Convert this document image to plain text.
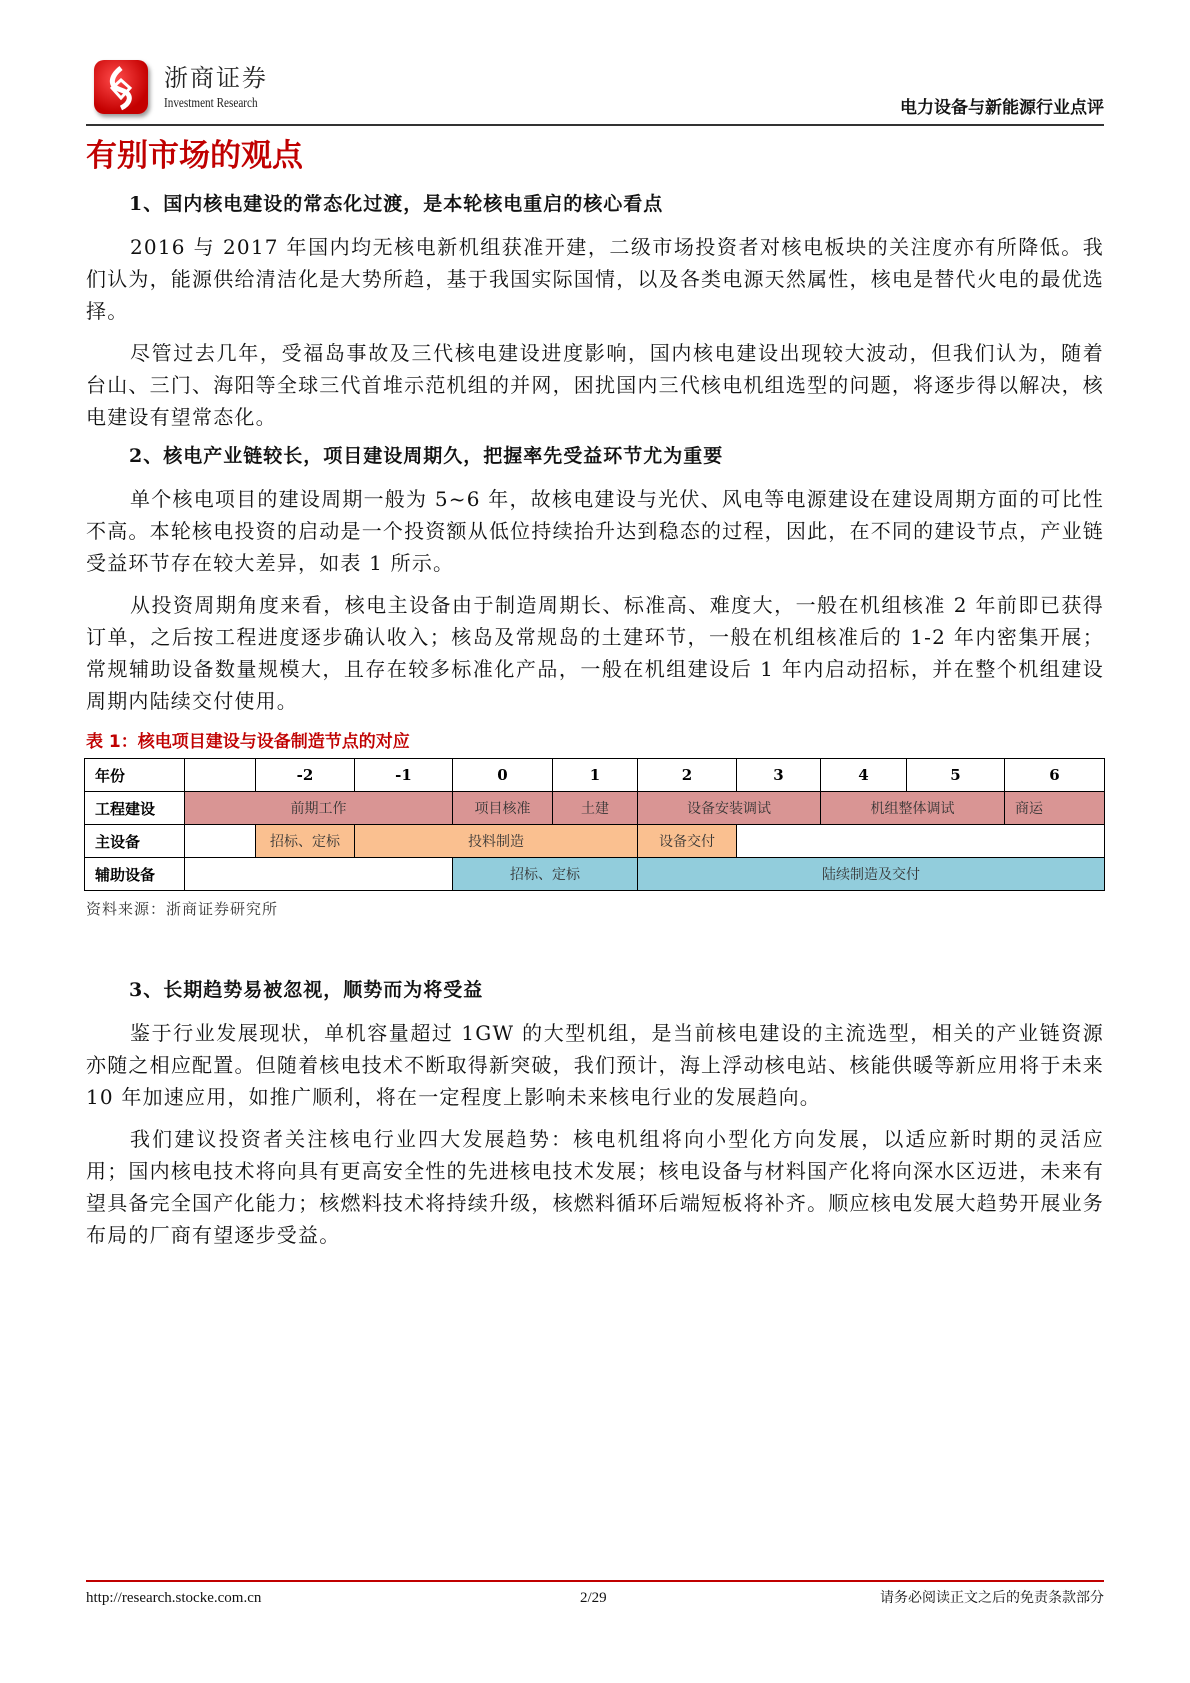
浙商证券
Investment Research	电力设备与新能源行业点评
有别市场的观点
1、国内核电建设的常态化过渡，是本轮核电重启的核心看点

2016 与 2017 年国内均无核电新机组获准开建，二级市场投资者对核电板块的关注度亦有所降低。我们认为，能源供给清洁化是大势所趋，基于我国实际国情，以及各类电源天然属性，核电是替代火电的最优选择。

尽管过去几年，受福岛事故及三代核电建设进度影响，国内核电建设出现较大波动，但我们认为，随着台山、三门、海阳等全球三代首堆示范机组的并网，困扰国内三代核电机组选型的问题，将逐步得以解决，核电建设有望常态化。

2、核电产业链较长，项目建设周期久，把握率先受益环节尤为重要

单个核电项目的建设周期一般为 5~6 年，故核电建设与光伏、风电等电源建设在建设周期方面的可比性不高。本轮核电投资的启动是一个投资额从低位持续抬升达到稳态的过程，因此，在不同的建设节点，产业链受益环节存在较大差异，如表 1 所示。

从投资周期角度来看，核电主设备由于制造周期长、标准高、难度大，一般在机组核准 2 年前即已获得订单，之后按工程进度逐步确认收入；核岛及常规岛的土建环节，一般在机组核准后的 1-2 年内密集开展；常规辅助设备数量规模大，且存在较多标准化产品，一般在机组建设后 1 年内启动招标，并在整个机组建设周期内陆续交付使用。

表 1：核电项目建设与设备制造节点的对应
年份		-2	-1	0	1	2	3	4	5	6
工程建设	前期工作			项目核准	土建	设备安装调试		机组整体调试		商运
主设备		招标、定标	投料制造			设备交付				
辅助设备				招标、定标		陆续制造及交付				
资料来源：浙商证券研究所
3、长期趋势易被忽视，顺势而为将受益

鉴于行业发展现状，单机容量超过 1GW 的大型机组，是当前核电建设的主流选型，相关的产业链资源亦随之相应配置。但随着核电技术不断取得新突破，我们预计，海上浮动核电站、核能供暖等新应用将于未来 10 年加速应用，如推广顺利，将在一定程度上影响未来核电行业的发展趋向。

我们建议投资者关注核电行业四大发展趋势：核电机组将向小型化方向发展，以适应新时期的灵活应用；国内核电技术将向具有更高安全性的先进核电技术发展；核电设备与材料国产化将向深水区迈进，未来有望具备完全国产化能力；核燃料技术将持续升级，核燃料循环后端短板将补齐。顺应核电发展大趋势开展业务布局的厂商有望逐步受益。

http://research.stocke.com.cn	2/29	请务必阅读正文之后的免责条款部分
